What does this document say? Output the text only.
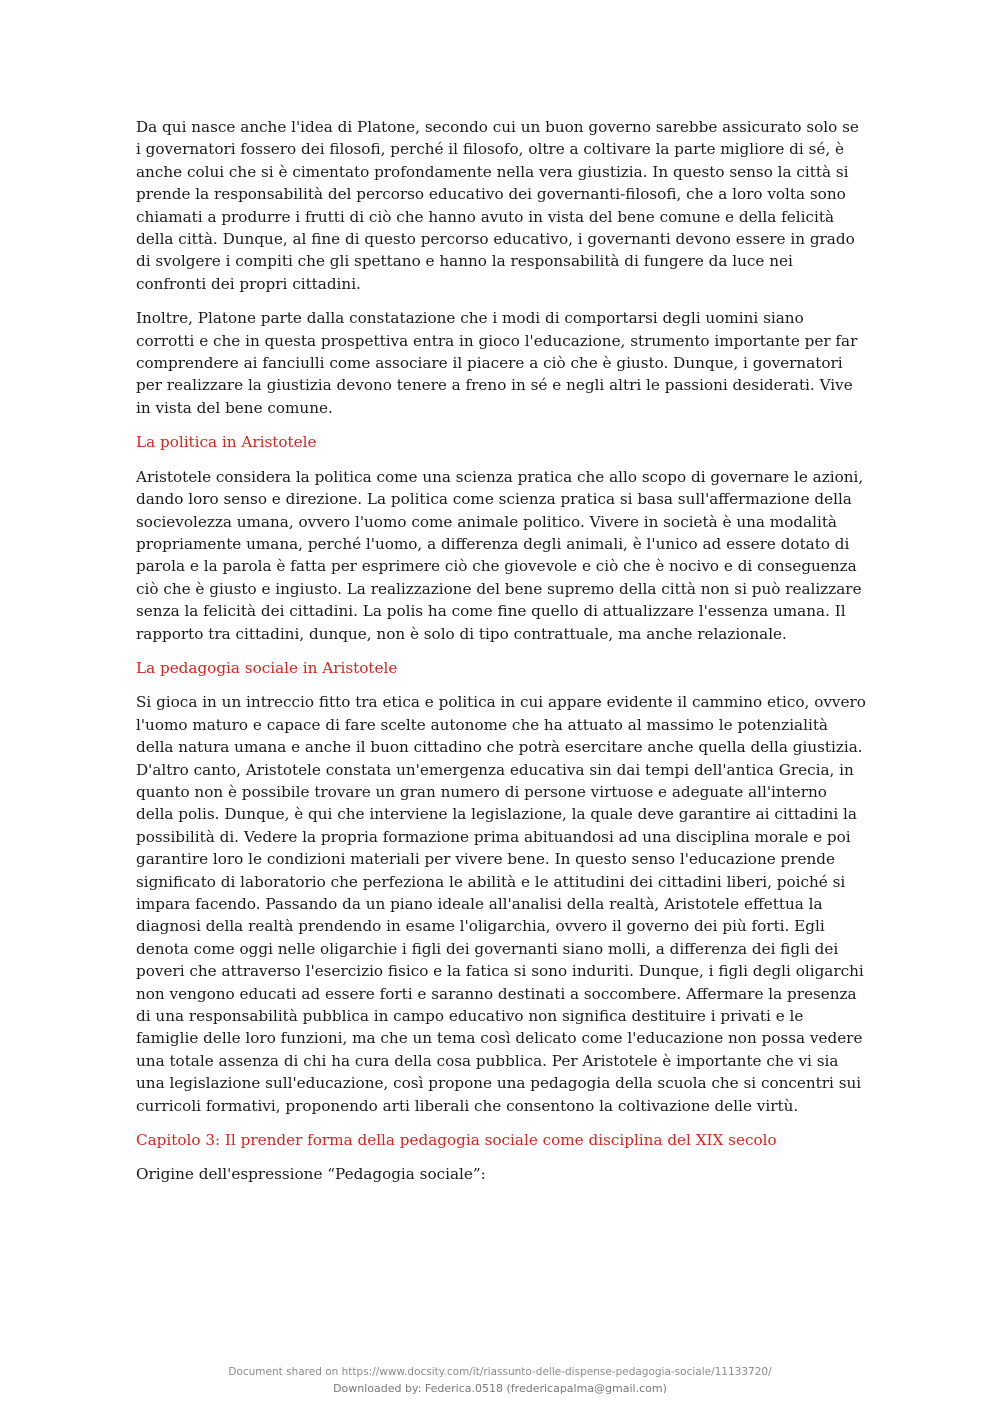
Da qui nasce anche l'idea di Platone, secondo cui un buon governo sarebbe assicurato solo se i governatori fossero dei filosofi, perché il filosofo, oltre a coltivare la parte migliore di sé, è anche colui che si è cimentato profondamente nella vera giustizia. In questo senso la città si prende la responsabilità del percorso educativo dei governanti-filosofi, che a loro volta sono chiamati a produrre i frutti di ciò che hanno avuto in vista del bene comune e della felicità della città. Dunque, al fine di questo percorso educativo, i governanti devono essere in grado di svolgere i compiti che gli spettano e hanno la responsabilità di fungere da luce nei confronti dei propri cittadini.

Inoltre, Platone parte dalla constatazione che i modi di comportarsi degli uomini siano corrotti e che in questa prospettiva entra in gioco l'educazione, strumento importante per far comprendere ai fanciulli come associare il piacere a ciò che è giusto. Dunque, i governatori per realizzare la giustizia devono tenere a freno in sé e negli altri le passioni desiderati. Vive in vista del bene comune.

La politica in Aristotele

Aristotele considera la politica come una scienza pratica che allo scopo di governare le azioni, dando loro senso e direzione. La politica come scienza pratica si basa sull'affermazione della socievolezza umana, ovvero l'uomo come animale politico. Vivere in società è una modalità propriamente umana, perché l'uomo, a differenza degli animali, è l'unico ad essere dotato di parola e la parola è fatta per esprimere ciò che giovevole e ciò che è nocivo e di conseguenza ciò che è giusto e ingiusto. La realizzazione del bene supremo della città non si può realizzare senza la felicità dei cittadini. La polis ha come fine quello di attualizzare l'essenza umana. Il rapporto tra cittadini, dunque, non è solo di tipo contrattuale, ma anche relazionale.

La pedagogia sociale in Aristotele

Si gioca in un intreccio fitto tra etica e politica in cui appare evidente il cammino etico, ovvero l'uomo maturo e capace di fare scelte autonome che ha attuato al massimo le potenzialità della natura umana e anche il buon cittadino che potrà esercitare anche quella della giustizia. D'altro canto, Aristotele constata un'emergenza educativa sin dai tempi dell'antica Grecia, in quanto non è possibile trovare un gran numero di persone virtuose e adeguate all'interno della polis. Dunque, è qui che interviene la legislazione, la quale deve garantire ai cittadini la possibilità di. Vedere la propria formazione prima abituandosi ad una disciplina morale e poi garantire loro le condizioni materiali per vivere bene. In questo senso l'educazione prende significato di laboratorio che perfeziona le abilità e le attitudini dei cittadini liberi, poiché si impara facendo. Passando da un piano ideale all'analisi della realtà, Aristotele effettua la diagnosi della realtà prendendo in esame l'oligarchia, ovvero il governo dei più forti. Egli denota come oggi nelle oligarchie i figli dei governanti siano molli, a differenza dei figli dei poveri che attraverso l'esercizio fisico e la fatica si sono induriti. Dunque, i figli degli oligarchi non vengono educati ad essere forti e saranno destinati a soccombere. Affermare la presenza di una responsabilità pubblica in campo educativo non significa destituire i privati e le famiglie delle loro funzioni, ma che un tema così delicato come l'educazione non possa vedere una totale assenza di chi ha cura della cosa pubblica. Per Aristotele è importante che vi sia una legislazione sull'educazione, così propone una pedagogia della scuola che si concentri sui curricoli formativi, proponendo arti liberali che consentono la coltivazione delle virtù.

Capitolo 3: Il prender forma della pedagogia sociale come disciplina del XIX secolo

Origine dell'espressione “Pedagogia sociale”:

Document shared on https://www.docsity.com/it/riassunto-delle-dispense-pedagogia-sociale/11133720/
Downloaded by: Federica.0518 (fredericapalma@gmail.com)
